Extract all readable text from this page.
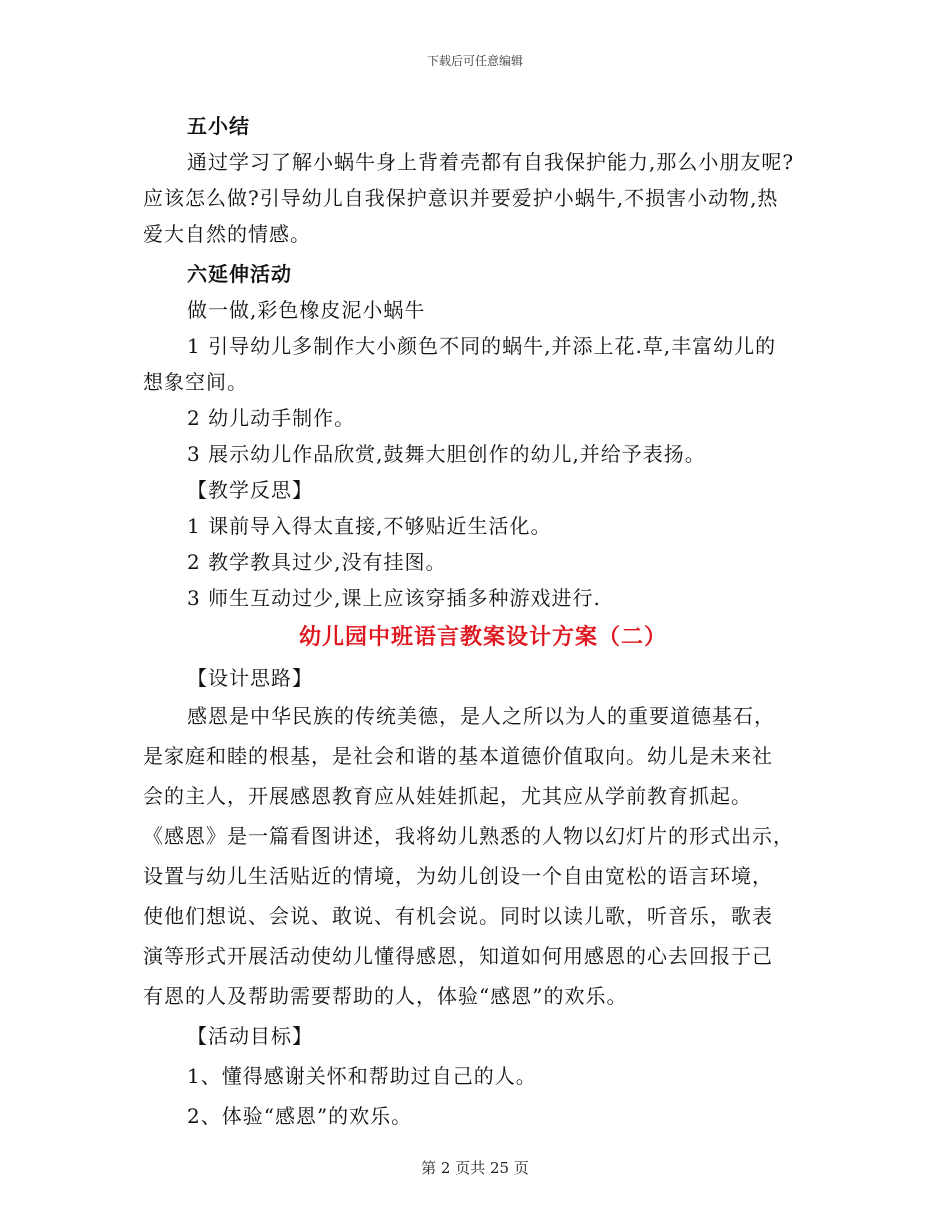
下载后可任意编辑

五小结

通过学习了解小蜗牛身上背着壳都有自我保护能力,那么小朋友呢?

应该怎么做?引导幼儿自我保护意识并要爱护小蜗牛,不损害小动物,热

爱大自然的情感。

六延伸活动

做一做,彩色橡皮泥小蜗牛

1 引导幼儿多制作大小颜色不同的蜗牛,并添上花.草,丰富幼儿的

想象空间。

2 幼儿动手制作。

3 展示幼儿作品欣赏,鼓舞大胆创作的幼儿,并给予表扬。

【教学反思】

1 课前导入得太直接,不够贴近生活化。

2 教学教具过少,没有挂图。

3 师生互动过少,课上应该穿插多种游戏进行.

幼儿园中班语言教案设计方案（二）

【设计思路】

感恩是中华民族的传统美德，是人之所以为人的重要道德基石，

是家庭和睦的根基，是社会和谐的基本道德价值取向。幼儿是未来社

会的主人，开展感恩教育应从娃娃抓起，尤其应从学前教育抓起。

《感恩》是一篇看图讲述，我将幼儿熟悉的人物以幻灯片的形式出示，

设置与幼儿生活贴近的情境，为幼儿创设一个自由宽松的语言环境，

使他们想说、会说、敢说、有机会说。同时以读儿歌，听音乐，歌表

演等形式开展活动使幼儿懂得感恩，知道如何用感恩的心去回报于己

有恩的人及帮助需要帮助的人，体验“感恩”的欢乐。

【活动目标】

1、懂得感谢关怀和帮助过自己的人。

2、体验“感恩”的欢乐。

第 2 页共 25 页
